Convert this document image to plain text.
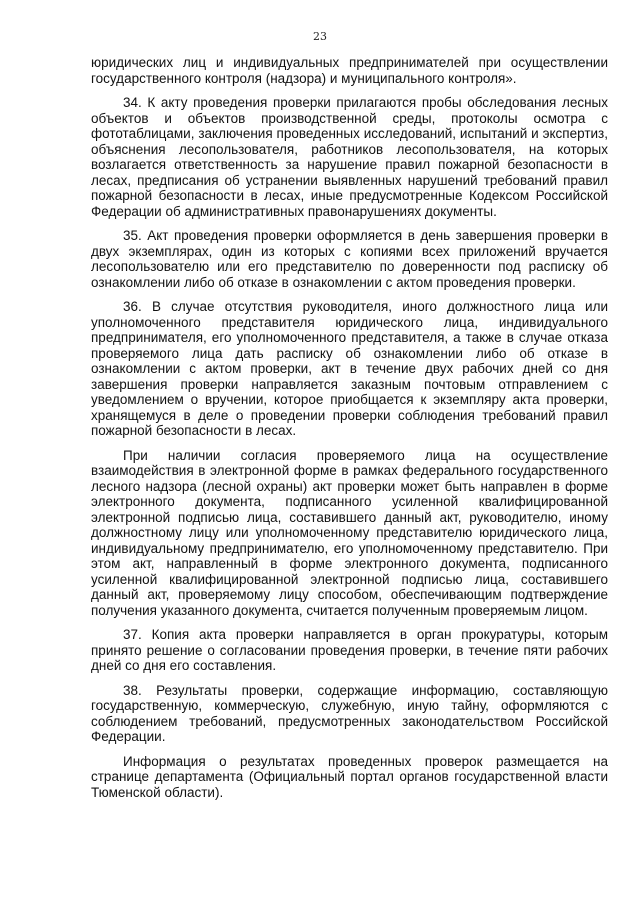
23

юридических лиц и индивидуальных предпринимателей при осуществлении государственного контроля (надзора) и муниципального контроля».

34. К акту проведения проверки прилагаются пробы обследования лесных объектов и объектов производственной среды, протоколы осмотра с фототаблицами, заключения проведенных исследований, испытаний и экспертиз, объяснения лесопользователя, работников лесопользователя, на которых возлагается ответственность за нарушение правил пожарной безопасности в лесах, предписания об устранении выявленных нарушений требований правил пожарной безопасности в лесах, иные предусмотренные Кодексом Российской Федерации об административных правонарушениях документы.

35. Акт проведения проверки оформляется в день завершения проверки в двух экземплярах, один из которых с копиями всех приложений вручается лесопользователю или его представителю по доверенности под расписку об ознакомлении либо об отказе в ознакомлении с актом проведения проверки.

36. В случае отсутствия руководителя, иного должностного лица или уполномоченного представителя юридического лица, индивидуального предпринимателя, его уполномоченного представителя, а также в случае отказа проверяемого лица дать расписку об ознакомлении либо об отказе в ознакомлении с актом проверки, акт в течение двух рабочих дней со дня завершения проверки направляется заказным почтовым отправлением с уведомлением о вручении, которое приобщается к экземпляру акта проверки, хранящемуся в деле о проведении проверки соблюдения требований правил пожарной безопасности в лесах.

При наличии согласия проверяемого лица на осуществление взаимодействия в электронной форме в рамках федерального государственного лесного надзора (лесной охраны) акт проверки может быть направлен в форме электронного документа, подписанного усиленной квалифицированной электронной подписью лица, составившего данный акт, руководителю, иному должностному лицу или уполномоченному представителю юридического лица, индивидуальному предпринимателю, его уполномоченному представителю. При этом акт, направленный в форме электронного документа, подписанного усиленной квалифицированной электронной подписью лица, составившего данный акт, проверяемому лицу способом, обеспечивающим подтверждение получения указанного документа, считается полученным проверяемым лицом.

37. Копия акта проверки направляется в орган прокуратуры, которым принято решение о согласовании проведения проверки, в течение пяти рабочих дней со дня его составления.

38. Результаты проверки, содержащие информацию, составляющую государственную, коммерческую, служебную, иную тайну, оформляются с соблюдением требований, предусмотренных законодательством Российской Федерации.

Информация о результатах проведенных проверок размещается на странице департамента (Официальный портал органов государственной власти Тюменской области).
